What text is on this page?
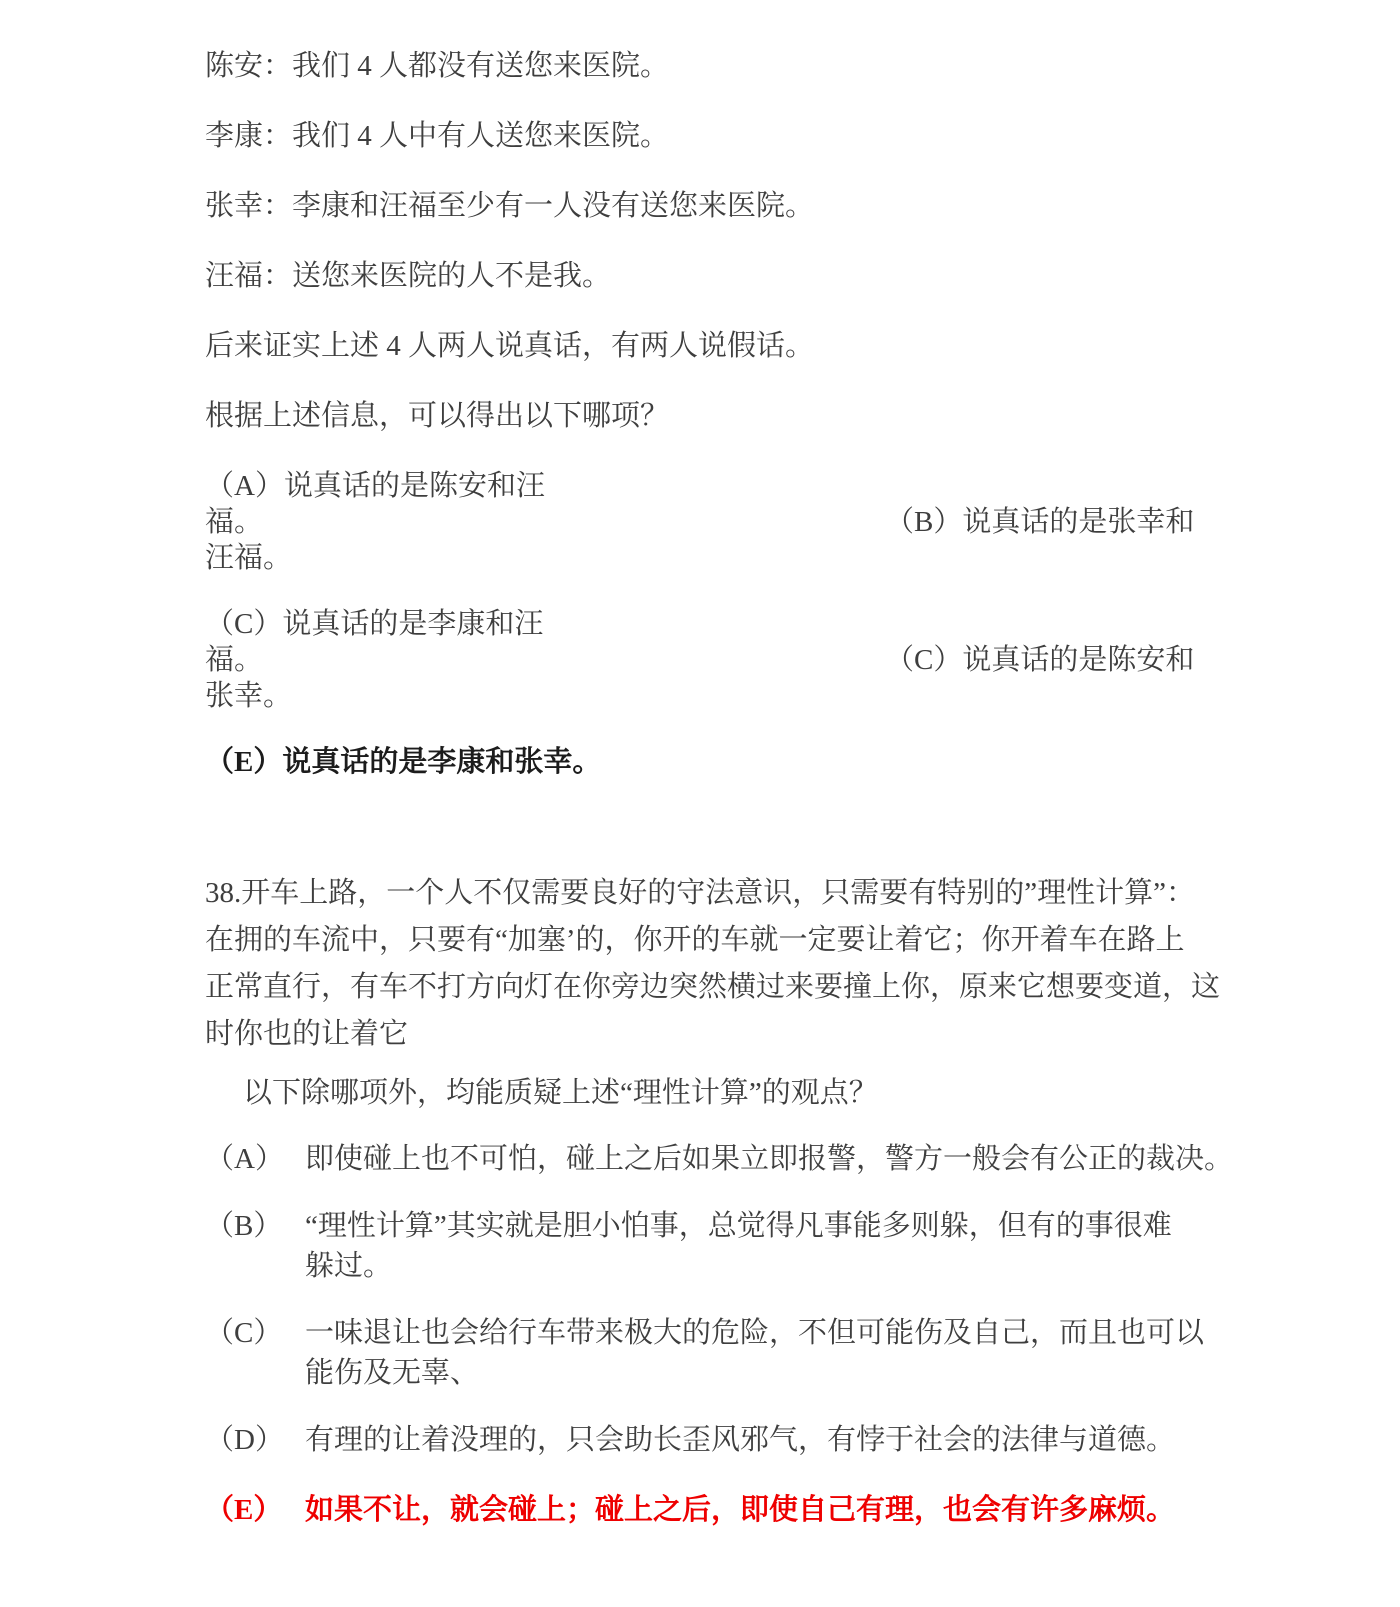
陈安：我们 4 人都没有送您来医院。
李康：我们 4 人中有人送您来医院。
张幸：李康和汪福至少有一人没有送您来医院。
汪福：送您来医院的人不是我。
后来证实上述 4 人两人说真话，有两人说假话。
根据上述信息，可以得出以下哪项？
（A）说真话的是陈安和汪
福。	（B）说真话的是张幸和
汪福。
（C）说真话的是李康和汪
福。	（C）说真话的是陈安和
张幸。
（E）说真话的是李康和张幸。
38.开车上路，一个人不仅需要良好的守法意识，只需要有特别的”理性计算”：
在拥的车流中，只要有“加塞’的，你开的车就一定要让着它；你开着车在路上
正常直行，有车不打方向灯在你旁边突然横过来要撞上你，原来它想要变道，这
时你也的让着它
以下除哪项外，均能质疑上述“理性计算”的观点？
（A） 即使碰上也不可怕，碰上之后如果立即报警，警方一般会有公正的裁决。
（B） “理性计算”其实就是胆小怕事，总觉得凡事能多则躲，但有的事很难
躲过。
（C） 一味退让也会给行车带来极大的危险，不但可能伤及自己，而且也可以
能伤及无辜、
（D） 有理的让着没理的，只会助长歪风邪气，有悖于社会的法律与道德。
（E） 如果不让，就会碰上；碰上之后，即使自己有理，也会有许多麻烦。
